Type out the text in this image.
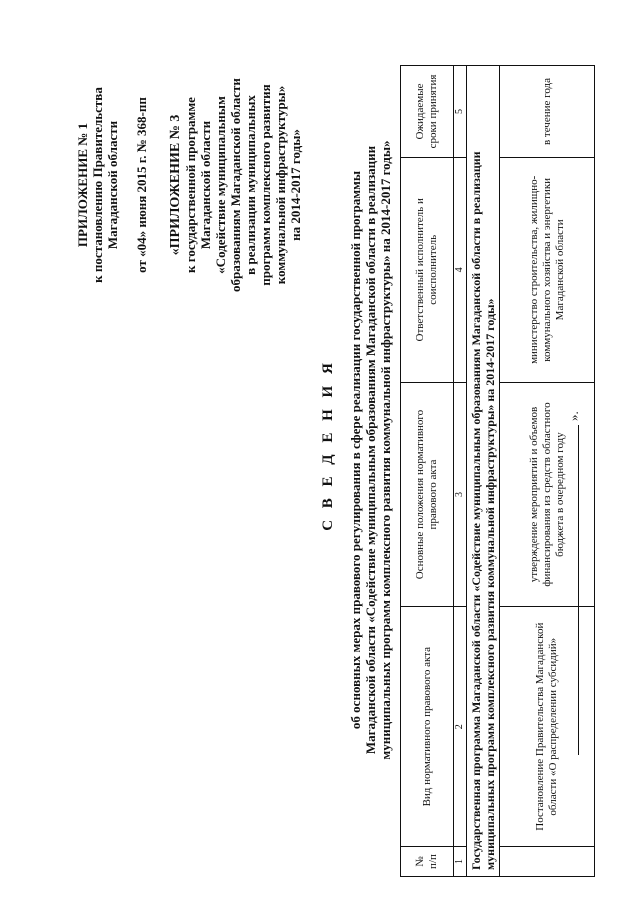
ПРИЛОЖЕНИЕ № 1 к постановлению Правительства Магаданской области от «04» июня 2015 г. № 368-пп «ПРИЛОЖЕНИЕ № 3 к государственной программе Магаданской области «Содействие муниципальным образованиям Магаданской области в реализации муниципальных программ комплексного развития коммунальной инфраструктуры» на 2014-2017 годы»
С В Е Д Е Н И Я об основных мерах правового регулирования в сфере реализации государственной программы Магаданской области «Содействие муниципальным образованиям Магаданской области в реализации муниципальных программ комплексного развития коммунальной инфраструктуры» на 2014-2017 годы»
№ п/п	Вид нормативного правового акта	Основные положения нормативного правового акта	Ответственный исполнитель и соисполнитель	Ожидаемые сроки принятия
1	2	3	4	5
Государственная программа Магаданской области «Содействие муниципальным образованиям Магаданской области в реализации муниципальных программ комплексного развития коммунальной инфраструктуры» на 2014-2017 годы»				
	Постановление Правительства Магаданской области «О распределении субсидий»	утверждение мероприятий и объемов финансирования из средств областного бюджета в очередном году	министерство строительства, жилищно-коммунального хозяйства и энергетики Магаданской области	в течение года
».
